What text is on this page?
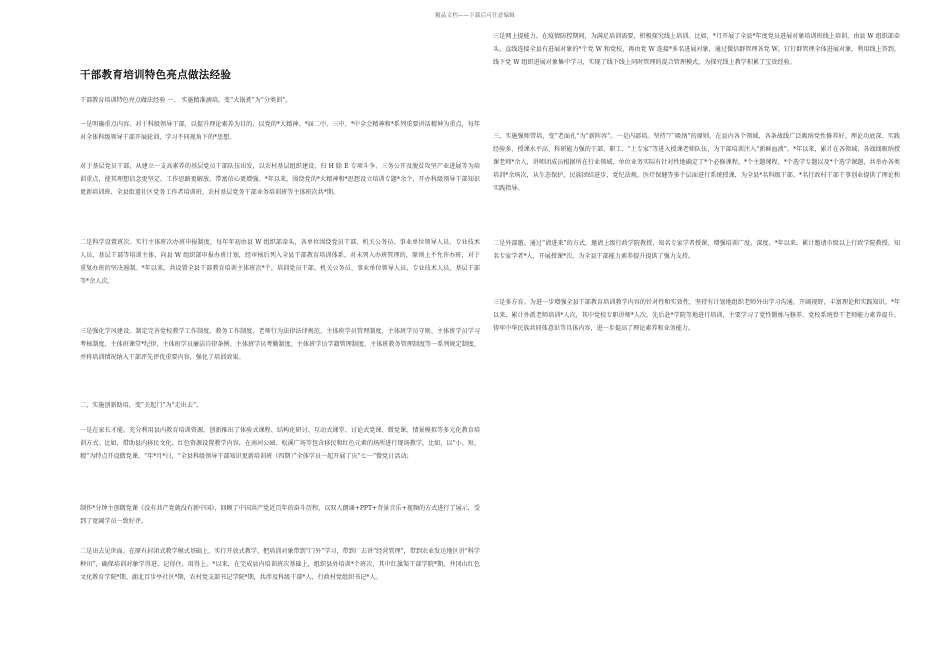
精品文档——下载后可任意编辑
干部教育培训特色亮点做法经验

干部教育培训特色亮点做法经验 一、 实施精准滴培，变“大锅煮”为“分类训”。

一是明确重点内容。对于科级领导干部，以提升理论素养为目的，以党的*大精神、*届二中、三中、*中全会精神和*系列重要讲话精神为重点，每年对全体科级领导干部开展轮训，学习不同视角下的*思想。

对于基层党员干部，从建立一支高素养的基层党员干部队伍出发，以农村基层组织建设、扫 H 除 E 专项斗争、三务公开及脱贫攻坚产业进展等为培训重点，使其理想信念更坚定、工作思路更解放、带富信心更增强。*年以来，围绕党的*大精神和*思想设立培训专题*余个，开办科级领导干部知识更新培训班、全县街道社区党务工作者培训班、农村基层党务干部业务培训班等主体班次共*期。

二是科学设置班次。实行主体班次办班申报制度，每年年初由县 W 组织部牵头，各单位围绕党员干部、机关公务员、事业单位领导人员、专业技术人员、基层干部等培训主体，向县 W 组织部申报办班计划，经审核后列入全县干部教育培训体系，对未列入办班管理的，原则上不允许办班，对于重复办班的坚决遏制。*年以来，共设置全县干部教育培训主体班次*个，培训党员干部、机关公务员、事业单位领导人员、专业技术人员、基层干部等*余人次。

三是强化学风建设。制定完善党校教学工作制度、教务工作制度、老师行为法律法律规范、主体班学员管理制度、主体班学员守则、主体班学员学习考核制度、主体班课堂*纪律、主体班学员廉洁自律条例、主体班学员考勤制度、主体班学员学籍管理制度、主体班教务管理制度等一系列规定制度，并将培训情况纳入干部评先评优重要内容，强化了培训效果。

二、实施创新助培，变“关起门”为“走出去”。

一是在家长才能。充分利用县内教育培训资源，创新推出了体验式课程、结构化研讨、互动式课堂、讨论式党课、微党课、情景模拟等多元化教育培训方式。比如，借助县内移民文化、红色资源设置教学内容，在南河公园、松溪广场等包含移民和红色元素的场所进行现场教学。比如，以“小、短、精”为特点开设微党课，“年*月*日，“全县科级领导干部知识更新培训班（四期）”全体学员一起开展了庆“七一”微党日活动；

制作*分钟主创微党课《没有共产党就没有新中国》，回顾了中国共产党近百年的奋斗历程，以双人朗诵+PPT+背景音乐+视频的方式进行了展示，受到了宽阔学员一致好评。

二是出去见世面。在原有封闭式教学模式基础上，实行开放式教学，把培训对象带到“门外”学习，带到厂去讲“经营管理”，带到农业发达地区讲“科学种田”，确保培训对象学得进、记得住、用得上。*以来，在完成县内培训班次基础上，组织县外培训*个班次，其中红旗渠干部学院*期，井冈山红色文化教育学院*期、湖北百步亭社区*期，农村党支部书记学院*期，共涉及科级干部*人、行政村党组织书记*人。

三是网上提能力。在疫情防控期间，为满足培训需要，积极探究线上培训。比如，*月开展了全县*年度党员进展对象培训班线上培训，由县 W 组织部牵头，直线连接全县有进展对象的*个党 W 和党校，再由党 W 连接*多名进展对象，通过微信群管理各党 W，钉钉群管理全体进展对象，利用线上答到，线下党 W 组织进展对象集中学习，实现了线下线上同时管理的混合管理模式，为探究线上教学积累了宝贵经验。

三、实施强师带培，变“老面孔”为“新阵容”。一是内部培。坚持“广吸纳”的原则，在县内各个领域、各条战线广泛吸纳党性修养好、理论功底深、实践经验多、授课水平高、科研能力强的干部、职工、“土专家”等进入授课老师队伍，为干部培训注入“新鲜血液”。*年以来，累计在各领域、各战线吸纳授课老师*余人，讲师团成员根据所在行业领域、单位业务实际有针对性地确定了*个必修课程、*个主题课程、*个选学专题以及*个选学课题，共举办各类培训*余场次，从生态保护、民族团结进步、党纪法规、医疗保健等多个层面进行系统授课，为全县*名科级干部、*名行政村干部干事创业提供了理论和实践指导。

二是外部邀。通过“请进来”的方式，邀请上级行政学院教授、知名专家学者授课，增强培训广度、深度。*年以来，累计邀请市级以上行政学院教授、知名专家学者*人，开展授课*次，为全县干部能力素养提升提供了强力支持。

三是多方育。为进一步增强全县干部教育培训教学内容的针对性和实效性，坚持有计划地组织老师外出学习沟通，开阔视野，丰富理论和实践知识。*年以来，累计外派老师培训*人次，其中党校专职讲师*人次，先后赴*学院等地进行培训，主要学习了党性锻炼与修养、党校系统骨干老师能力素养提升、铸牢中华民族共同体意识等具体内容，进一步提高了理论素养和业务能力。
